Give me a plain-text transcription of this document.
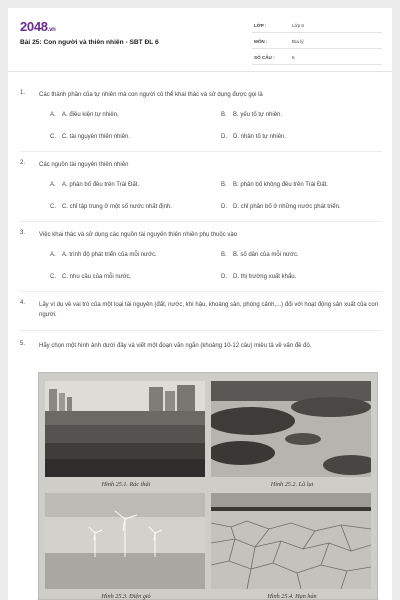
2048.vn
Bài 25: Con người và thiên nhiên - SBT ĐL 6
LỚP :	Lớp 6
MÔN :	Địa lý
SỐ CÂU :	5
1. Các thành phần của tự nhiên mà con người có thể khai thác và sử dụng được gọi là
A. A. điều kiện tự nhiên.	B. B. yếu tố tự nhiên.
C. C. tài nguyên thiên nhiên.	D. D. nhân tố tự nhiên.
2. Các nguồn tài nguyên thiên nhiên
A. A. phân bố đều trên Trái Đất.	B. B. phân bố không đều trên Trái Đất.
C. C. chỉ tập trung ở một số nước nhất định.	D. D. chỉ phân bố ở những nước phát triển.
3. Việc khai thác và sử dụng các nguồn tài nguyên thiên nhiên phụ thuộc vào
A. A. trình độ phát triển của mỗi nước.	B. B. số dân của mỗi nước.
C. C. nhu cầu của mỗi nước.	D. D. thị trường xuất khẩu.
4. Lấy ví dụ về vai trò của một loại tài nguyên (đất, nước, khí hậu, khoáng sản, phong cảnh,...) đối với hoạt động sản xuất của con người.
5. Hãy chọn một hình ảnh dưới đây và viết một đoạn văn ngắn (khoảng 10-12 câu) miêu tả về vấn đề đó.
Hình 25.1. Rác thải	Hình 25.2. Lũ lụt
Hình 25.3. Điện gió	Hình 25.4. Hạn hán
